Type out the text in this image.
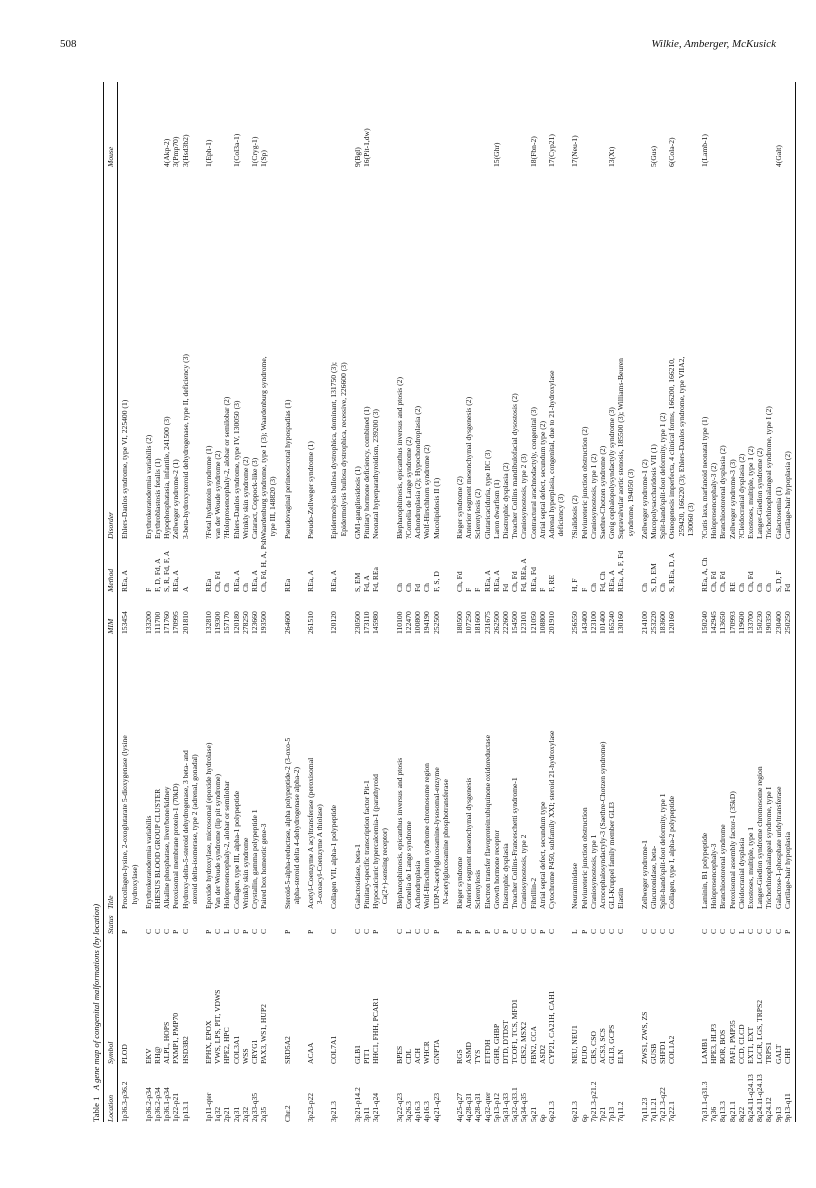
508	Wilkie, Amberger, McKusick
Table 1   A gene map of congenital malformations (by location)
Location
Symbol
Status
Title
MIM
Method
Disorder
Mouse
1p36.3-p36.2
PLOD
P
Procollagen-lysine, 2-oxoglutarate 5-dioxygenase (lysine
153454
REa, A
Ehlers-Danlos syndrome, type VI, 225400 (1)
hydroxylase)
1p36.2-p34
EKV
C
Erythrokeratodermia variabilis
133200
F
Erythrokeratodermia variabilis (2)
1p36.2-p34
RH@
C
RHESUS BLOOD GROUP CLUSTER
111700
F, D, Fd, A
Erythroblastosis fetalis (1)
1p36.1-p34
ALPL, HOPS
C
Alkaline phosphatase, liver/bone/kidney
171760
S, R, Fd, F, A
Hypophosphatasia, infantile, 241500 (3)
4(Akp-2)
1p22-p21
PXMP1, PMP70
P
Peroxisomal membrane protein-1 (70kD)
170995
REa, A
Zellweger syndrome-2 (1)
3(Pmp70)
1p13.1
HSD3B2
C
Hydroxy-delta-5-steroid dehydrogenase, 3 beta- and
201810
A
3-beta-hydroxysteroid dehydrogenase, type II, deficiency (3)
3(Hsd3b2)
steroid delta-isomerase, type 2 (adrenal, gonadal)
1p11-qter
EPHX, EPOX
P
Epoxide hydroxylase, microsomal (epoxide hydrolase)
132810
REa
?Fetal hydantoin syndrome (1)
1(Eph-1)
1q32
VWS, LPS, PIT, VDWS
C
Van der Woude syndrome (lip pit syndrome)
119300
Ch, Fd
van der Woude syndrome (2)
2p21
HPE2, HPC
L
Holoprosencephaly-2, alobar or semilobar
157170
Ch
?Holoprosencephaly-2, alobar or semilobar (2)
2q31
COL3A1
C
Collagen, type III, alpha-1 polypeptide
120180
REa, A
Ehlers-Danlos syndrome, type IV, 130050 (3)
1(Col3a-1)
2q32
WSS
P
Wrinkly skin syndrome
278250
Ch
Wrinkly skin syndrome (2)
2q33-q35
CRYG1
C
Crystallin, gamma polypeptide 1
123660
REa, A
Cataract, Coppock-like (3)
1(Cryg-1)
2q35
PAX3, WS1, HUP2
C
Paired box homeotic gene-3
193500
Ch, Fd, H, A, Psh
Waardenburg syndrome, type I (3); Waardenburg syndrome,
1(Sp)
type III, 148820 (3)
Chr.2
SRD5A2
P
Steroid-5-alpha-reductase, alpha polypeptide-2 (3-oxo-5
264600
REa
Pseudovaginal perineoscrotal hypospadias (1)
alpha-steroid delta 4-dehydrogenase alpha-2)
3p23-p22
ACAA
P
Acetyl-Coenzyme A acyltransferase (peroxisomal
261510
REa, A
Pseudo-Zellweger syndrome (1)
3-oxoacyl-Coenzyme A thiolase)
3p21.3
COL7A1
C
Collagen VII, alpha-1 polypeptide
120120
REa, A
Epidermolysis bullosa dystrophica, dominant, 131750 (3); Epidermolysis bullosa dystrophica, recessive, 226600 (3)
3p21-p14.2
GLB1
C
Galactosidase, beta-1
230500
S, EM
GM1-gangliosidosis (1)
9(Bgl)
3p11
PIT1
C
Pituitary-specific transcription factor Pit-1
173110
Fd, A
Pituitary hormone deficiency, combined (1)
16(Pit-1,dw)
3q21-q24
HHC1, FHH, PCAR1
P
Hypocalciuric hypercalcemia-1 (parathyroid
145980
Fd, REa
Neonatal hyperparathyroidism, 239200 (3)
Ca(2+)-sensing receptor)
3q22-q23
BPES
C
Blepharophimosis, epicanthus inversus and ptosis
110100
Ch
Blepharophimosis, epicanthus inversus and ptosis (2)
3q26.3
CDL
L
Cornelia de Lange syndrome
122470
Ch
?Cornelia de Lange syndrome (2)
4p16.3
ACH
C
Achondroplasia
100800
Fd
Achondroplasia (2); Hypochondroplasia (2)
4p16.3
WHCR
C
Wolf-Hirschhorn syndrome chromosome region
194190
Ch
Wolf-Hirschhorn syndrome (2)
4q21-q23
GNPTA
P
UDP-N-acetylglucosamine-lysosomal-enzyme
252500
F, S, D
Mucolipidosis II (1)
N-acetylglucosamine phosphotransferase
4q25-q27
RGS
P
Rieger syndrome
180500
Ch, Fd
Rieger syndrome (2)
4q28-q31
ASMD
P
Anterior segment mesenchymal dysgenesis
107250
F
Anterior segment mesenchymal dysgenesis (2)
4q28-q31
TYS
P
Sclerotylosis
181600
F
Sclerotylosis (2)
4q32-qter
ETFDH
P
Electron transfer flavoprotein:ubiquinone oxidoreductase
231675
REa, A
Glutaricaciduria, type IIC (3)
5p13-p12
GHR, GHBP
C
Growth hormone receptor
262500
REa, A
Laron dwarfism (1)
15(Ghr)
5q31-q33
DTD, DTDST
P
Diastrophic dysplasia
222600
Fd
Diastrophic dysplasia (2)
5q32-q33.1
TCOF1, TCS, MFD1
C
Treacher Collins-Franceschetti syndrome-1
154500
Ch, Fd
Treacher Collins mandibulofacial dysostosis (2)
5q34-q35
CRS2, MSX2
C
Craniosynostosis, type 2
123101
Fd, REa, A
Craniosynostosis, type 2 (3)
5q21
FBN2, CCA
C
Fibrillin-2
121050
REa, Fd
Contractural arachnodactyly, congenital (3)
18(Fbn-2)
6p
ASD2
P
Atrial septal defect, secundum type
108800
F
Atrial septal defect, secundum type (2)
6p21.3
CYP21, CA21H, CAH1
C
Cytochrome P450, subfamily XXI; steroid 21-hydroxylase
201910
F, RE
Adrenal hyperplasia, congenital, due to 21-hydroxylase
17(Cyp21)
deficiency (3)
6p21.3
NEU, NEU1
L
Neuraminidase
256550
H, F
?Sialidosis (2)
17(Neu-1)
6p
PUJO
P
Pelviureteric junction obstruction
143400
F
Pelviureteric junction obstruction (2)
7p21.3-p21.2
CRS, CSO
C
Craniosynostosis, type 1
123100
Ch
Craniosynostosis, type 1 (2)
7p21
ACS3, SCS
C
Acrocephalosyndactyly-3 (Saethre-Chotzen syndrome)
101400
Fd, Ch
Saethre-Chotzen syndrome (2)
7p13
GLI3, GCPS
C
GLI-Kruppel family member GLI3
165240
REa, A
Greig cephalopolysyndactyly syndrome (3)
13(Xt)
7q11.2
ELN
C
Elastin
130160
REa, A, F, Fd
Supravalvular aortic stenosis, 185500 (3); Williams-Beuren syndrome, 194050 (3)
7q11.23
ZWS1, ZWS, ZS
C
Zellweger syndrome-1
214100
Ch
Zellweger syndrome-1 (2)
7q11.21
GUSB
C
Glucuronidase, beta-
253220
S, D, EM
Mucopolysaccharidosis VII (1)
5(Gus)
7q21.3-q22
SHFD1
C
Split-hand/split-foot deformity, type 1
183600
Ch
Split-hand/split-foot deformity, type 1 (2)
7q22.1
COL1A2
C
Collagen, type I, alpha-2 polypeptide
120160
S, REa, D, A
Osteogenesis imperfecta, 4 clinical forms, 166200, 166210,
6(Cola-2)
259420, 166220 (3); Ehlers-Danlos syndrome, type VIIA2, 130060 (3)
7q31.1-q31.3
LAMB1
C
Laminin, B1 polypeptide
150240
REa, A, Ch
?Cutis laxa, marfanoid neonatal type (1)
1(Lamb-1)
7q36
HPE3, HLP3
C
Holoprosencephaly-3
142945
Ch, Fd
Holoprosencephaly-3 (2)
8q13.3
BOR, BOS
C
Branchiootorenal syndrome
113650
Ch, Fd
Branchiootorenal dysplasia (2)
8q21.1
PAF1, PMP35
C
Peroxisomal assembly factor-1 (35kD)
170993
RE
Zellweger syndrome-3 (3)
8q22
CCD, CLCD
L
Cleidocranial dysplasia
119600
Ch
?Cleidocranial dysplasia (2)
8q24.11-q24.13
EXT1, EXT
C
Exostoses, multiple, type 1
133700
Ch, Fd
Exostoses, multiple, type 1 (2)
8q24.11-q24.13
LGCR, LGS, TRPS2
C
Langer-Giedion syndrome chromosome region
150230
Ch
Langer-Giedion syndrome (2)
8q24.12
TRPS1
C
Trichorhinophalangeal syndrome, type I
190350
Ch
Trichorhinophalangeal syndrome, type I (2)
9p13
GALT
C
Galactose-1-phosphate uridyltransferase
230400
S, D, F
Galactosemia (1)
4(Galt)
9p13-q11
CHH
P
Cartilage-hair hypoplasia
250250
Fd
Cartilage-hair hypoplasia (2)
